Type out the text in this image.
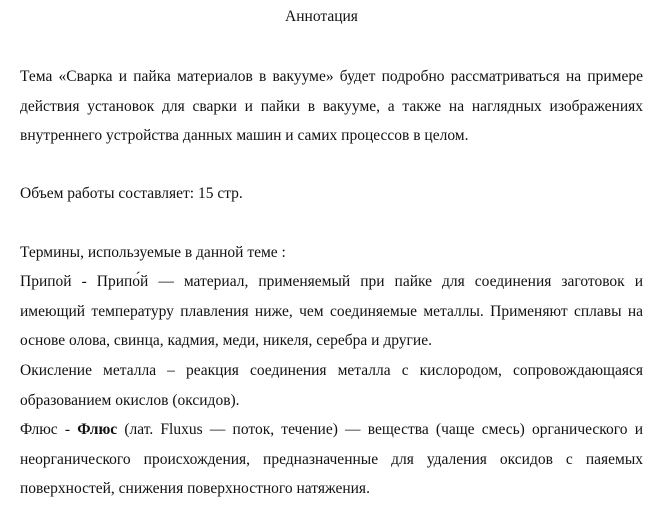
Аннотация

Тема «Сварка и пайка материалов в вакууме» будет подробно рассматриваться на примере действия установок для сварки и пайки в вакууме, а также на наглядных изображениях внутреннего устройства данных машин и самих процессов в целом.

Объем работы составляет: 15 стр.

Термины, используемые в данной теме :

Припой - Припо́й — материал, применяемый при пайке для соединения заготовок и имеющий температуру плавления ниже, чем соединяемые металлы. Применяют сплавы на основе олова, свинца, кадмия, меди, никеля, серебра и другие.

Окисление металла – реакция соединения металла с кислородом, сопровождающаяся образованием окислов (оксидов).

Флюс - Флюс (лат. Fluxus — поток, течение) — вещества (чаще смесь) органического и неорганического происхождения, предназначенные для удаления оксидов с паяемых поверхностей, снижения поверхностного натяжения.
